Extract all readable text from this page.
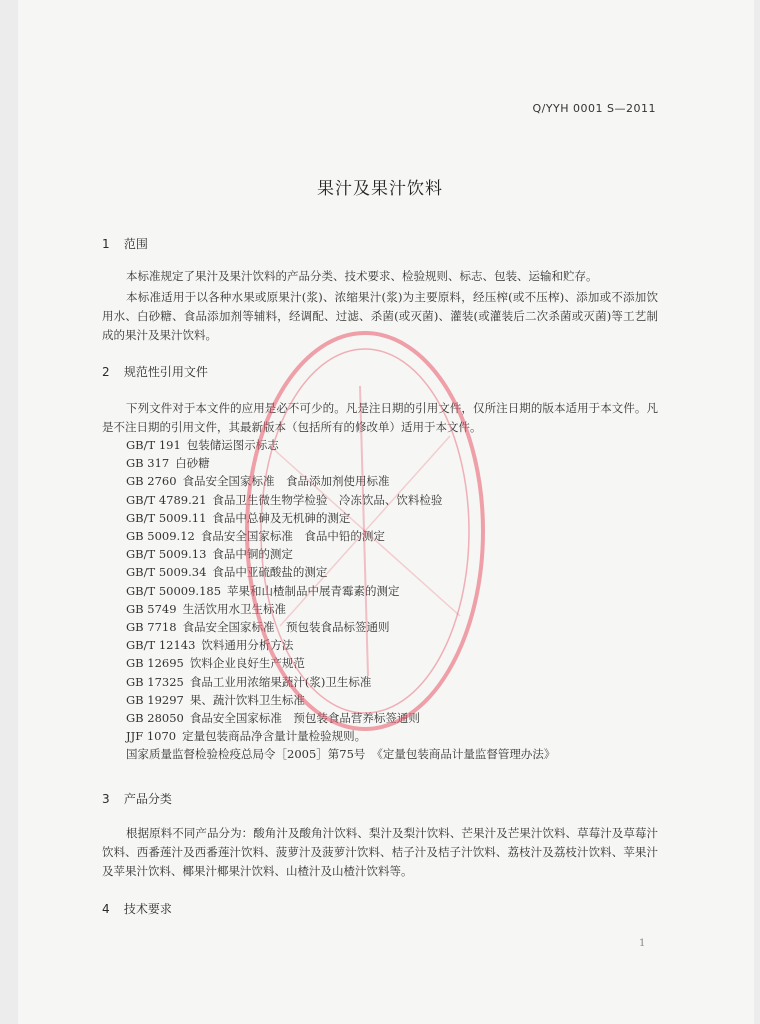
Q/YYH 0001 S—2011
果汁及果汁饮料
1 范围

本标准规定了果汁及果汁饮料的产品分类、技术要求、检验规则、标志、包装、运输和贮存。

本标准适用于以各种水果或原果汁(浆)、浓缩果汁(浆)为主要原料，经压榨(或不压榨)、添加或不添加饮用水、白砂糖、食品添加剂等辅料，经调配、过滤、杀菌(或灭菌)、灌装(或灌装后二次杀菌或灭菌)等工艺制成的果汁及果汁饮料。

2 规范性引用文件

下列文件对于本文件的应用是必不可少的。凡是注日期的引用文件，仅所注日期的版本适用于本文件。凡是不注日期的引用文件，其最新版本（包括所有的修改单）适用于本文件。

GB/T 191 包装储运图示标志
GB 317 白砂糖
GB 2760 食品安全国家标准　食品添加剂使用标准
GB/T 4789.21 食品卫生微生物学检验　冷冻饮品、饮料检验
GB/T 5009.11 食品中总砷及无机砷的测定
GB 5009.12 食品安全国家标准　食品中铅的测定
GB/T 5009.13 食品中铜的测定
GB/T 5009.34 食品中亚硫酸盐的测定
GB/T 50009.185 苹果和山楂制品中展青霉素的测定
GB 5749 生活饮用水卫生标准
GB 7718 食品安全国家标准　预包装食品标签通则
GB/T 12143 饮料通用分析方法
GB 12695 饮料企业良好生产规范
GB 17325 食品工业用浓缩果蔬汁(浆)卫生标准
GB 19297 果、蔬汁饮料卫生标准
GB 28050 食品安全国家标准　预包装食品营养标签通则
JJF 1070 定量包装商品净含量计量检验规则。
国家质量监督检验检疫总局令［2005］第75号 《定量包装商品计量监督管理办法》
3 产品分类

根据原料不同产品分为：酸角汁及酸角汁饮料、梨汁及梨汁饮料、芒果汁及芒果汁饮料、草莓汁及草莓汁饮料、西番莲汁及西番莲汁饮料、菠萝汁及菠萝汁饮料、桔子汁及桔子汁饮料、荔枝汁及荔枝汁饮料、苹果汁及苹果汁饮料、椰果汁椰果汁饮料、山楂汁及山楂汁饮料等。

4 技术要求
1
